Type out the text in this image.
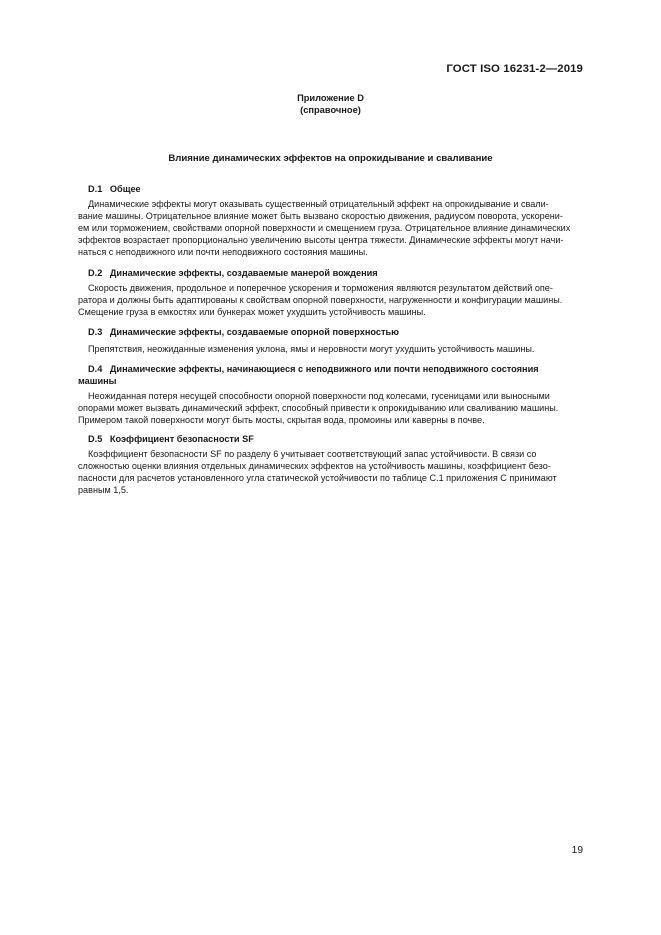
ГОСТ ISO 16231-2—2019
Приложение D
(справочное)
Влияние динамических эффектов на опрокидывание и сваливание
D.1 Общее
Динамические эффекты могут оказывать существенный отрицательный эффект на опрокидывание и свали-
вание машины. Отрицательное влияние может быть вызвано скоростью движения, радиусом поворота, ускорени-
ем или торможением, свойствами опорной поверхности и смещением груза. Отрицательное влияние динамических
эффектов возрастает пропорционально увеличению высоты центра тяжести. Динамические эффекты могут начи-
наться с неподвижного или почти неподвижного состояния машины.
D.2 Динамические эффекты, создаваемые манерой вождения
Скорость движения, продольное и поперечное ускорения и торможения являются результатом действий опе-
ратора и должны быть адаптированы к свойствам опорной поверхности, нагруженности и конфигурации машины.
Смещение груза в емкостях или бункерах может ухудшить устойчивость машины.
D.3 Динамические эффекты, создаваемые опорной поверхностью
Препятствия, неожиданные изменения уклона, ямы и неровности могут ухудшить устойчивость машины.
D.4 Динамические эффекты, начинающиеся с неподвижного или почти неподвижного состояния
машины
Неожиданная потеря несущей способности опорной поверхности под колесами, гусеницами или выносными
опорами может вызвать динамический эффект, способный привести к опрокидыванию или сваливанию машины.
Примером такой поверхности могут быть мосты, скрытая вода, промоины или каверны в почве.
D.5 Коэффициент безопасности SF
Коэффициент безопасности SF по разделу 6 учитывает соответствующий запас устойчивости. В связи со
сложностью оценки влияния отдельных динамических эффектов на устойчивость машины, коэффициент безо-
пасности для расчетов установленного угла статической устойчивости по таблице С.1 приложения С принимают
равным 1,5.
19
